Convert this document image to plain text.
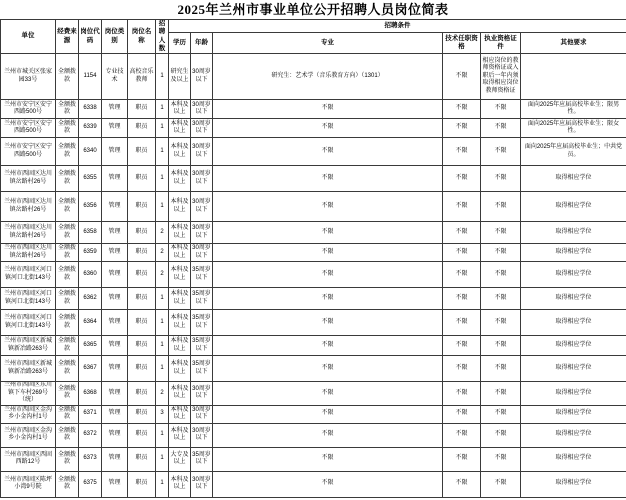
2025年兰州市事业单位公开招聘人员岗位简表
单位	经费来源	岗位代码	岗位类别	岗位名称	招聘人数	招聘条件					
						学历	年龄	专业	技术任职资格	执业资格证件	其他要求
兰州市城关区张家园33号	全额拨款	1154	专业技术	高校音乐教师	1	研究生及以上	30周岁以下	研究生：艺术学（音乐教育方向）（1301）	不限	相应岗位的教师资格证或入职后一年内须取得相应岗位教师资格证	
兰州市安宁区安宁西路500号	全额拨款	6338	管理	职员	1	本科及以上	30周岁以下	不限	不限	不限	面向2025年应届高校毕业生；限男性。
兰州市安宁区安宁西路500号	全额拨款	6339	管理	职员	1	本科及以上	30周岁以下	不限	不限	不限	面向2025年应届高校毕业生；限女性。
兰州市安宁区安宁西路500号	全额拨款	6340	管理	职员	1	本科及以上	30周岁以下	不限	不限	不限	面向2025年应届高校毕业生；中共党员。
兰州市西固区达川镇岔路村26号	全额拨款	6355	管理	职员	1	本科及以上	30周岁以下	不限	不限	不限	取得相应学位
兰州市西固区达川镇岔路村26号	全额拨款	6356	管理	职员	1	本科及以上	30周岁以下	不限	不限	不限	取得相应学位
兰州市西固区达川镇岔路村26号	全额拨款	6358	管理	职员	2	本科及以上	30周岁以下	不限	不限	不限	取得相应学位
兰州市西固区达川镇岔路村26号	全额拨款	6359	管理	职员	2	本科及以上	30周岁以下	不限	不限	不限	取得相应学位
兰州市西固区河口镇河口北街143号	全额拨款	6360	管理	职员	2	本科及以上	35周岁以下	不限	不限	不限	取得相应学位
兰州市西固区河口镇河口北街143号	全额拨款	6362	管理	职员	1	本科及以上	35周岁以下	不限	不限	不限	取得相应学位
兰州市西固区河口镇河口北街143号	全额拨款	6364	管理	职员	1	本科及以上	35周岁以下	不限	不限	不限	取得相应学位
兰州市西固区新城镇新冶路263号	全额拨款	6365	管理	职员	1	本科及以上	35周岁以下	不限	不限	不限	取得相应学位
兰州市西固区新城镇新冶路263号	全额拨款	6367	管理	职员	1	本科及以上	35周岁以下	不限	不限	不限	取得相应学位
兰州市西固区东川镇下车村269号（统）	全额拨款	6368	管理	职员	2	本科及以上	30周岁以下	不限	不限	不限	取得相应学位
兰州市西固区金沟乡小金沟村1号	全额拨款	6371	管理	职员	3	本科及以上	30周岁以下	不限	不限	不限	取得相应学位
兰州市西固区金沟乡小金沟村1号	全额拨款	6372	管理	职员	1	本科及以上	30周岁以下	不限	不限	不限	取得相应学位
兰州市西固区西固西路12号	全额拨款	6373	管理	职员	1	大专及以上	35周岁以下	不限	不限	不限	取得相应学位
兰州市西固区陈坪小湾9号院	全额拨款	6375	管理	职员	1	本科及以上	30周岁以下	不限	不限	不限	取得相应学位
